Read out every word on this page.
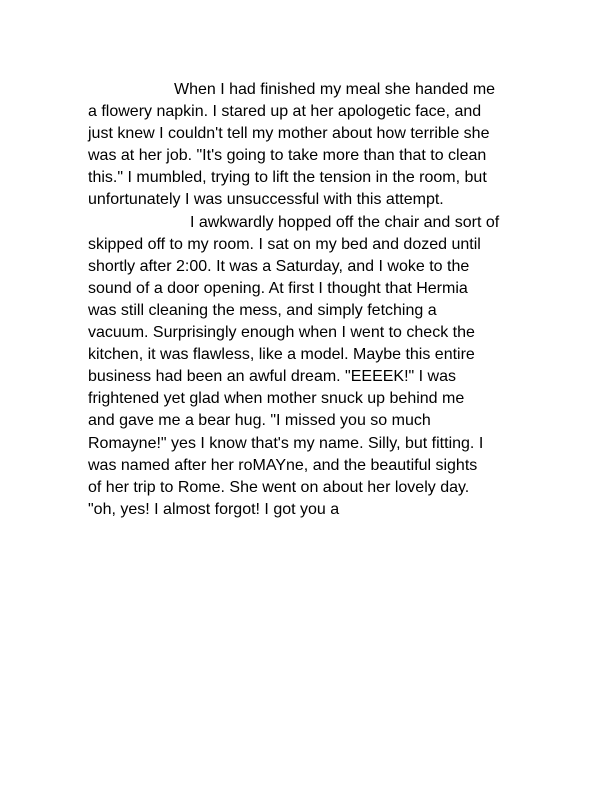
When I had finished my meal she handed me
a flowery napkin. I stared up at her apologetic face, and
just knew I couldn't tell my mother about how terrible she
was at her job. "It's going to take more than that to clean
this." I mumbled, trying to lift the tension in the room, but
unfortunately I was unsuccessful with this attempt.
I awkwardly hopped off the chair and sort of
skipped off to my room. I sat on my bed and dozed until
shortly after 2:00. It was a Saturday, and I woke to the
sound of a door opening. At first I thought that Hermia
was still cleaning the mess, and simply fetching a
vacuum. Surprisingly enough when I went to check the
kitchen, it was flawless, like a model. Maybe this entire
business had been an awful dream. "EEEEK!" I was
frightened yet glad when mother snuck up behind me
and gave me a bear hug. "I missed you so much
Romayne!" yes I know that's my name. Silly, but fitting. I
was named after her roMAYne, and the beautiful sights
of her trip to Rome. She went on about her lovely day.
"oh, yes! I almost forgot! I got you a
